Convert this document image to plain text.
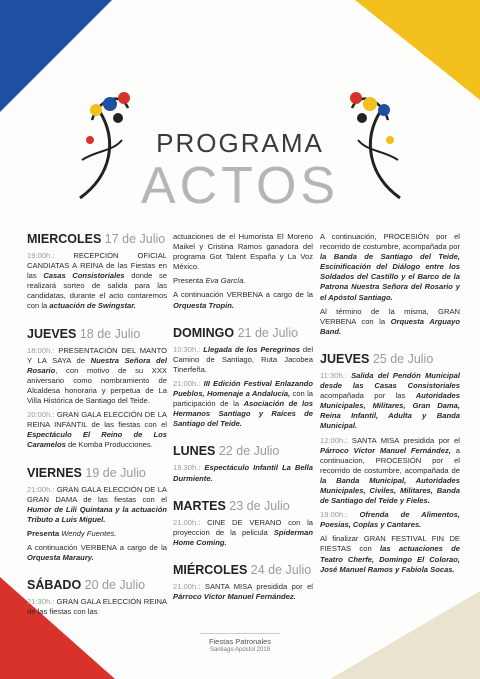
PROGRAMA
ACTOS
MIERCOLES 17 de Julio

19:00h.: RECEPCIÓN OFICIAL CANDIATAS A REINA de las Fiestas en las Casas Consistoriales donde se realizará sorteo de salida para las candidatas, durante el acto contaremos con la actuación de Swingstar.

JUEVES 18 de Julio

18:00h.: PRESENTACIÓN DEL MANTO Y LA SAYA de Nuestra Señora del Rosario, con motivo de su XXX aniversario como nombramiento de Alcaldesa honoraria y perpetua de La Villa Histórica de Santiago del Teide.

20:00h.: GRAN GALA ELECCIÓN DE LA REINA INFANTIL de las fiestas con el Espectáculo El Reino de Los Caramelos de Komba Producciones.

VIERNES 19 de Julio

21:00h.: GRAN GALA ELECCIÓN DE LA GRAN DAMA de las fiestas con el Humor de Lili Quintana y la actuación Tributo a Luis Miguel.

Presenta Wendy Fuentes.

A continuación VERBENA a cargo de la Orquesta Maraury.

SÁBADO 20 de Julio

21:30h.: GRAN GALA ELECCIÓN REINA de las fiestas con las

actuaciones de el Humorista El Moreno Maikel y Cristina Ramos ganadora del programa Got Talent España y La Voz México.

Presenta Eva García.

A continuación VERBENA a cargo de la Orquesta Tropin.

DOMINGO 21 de Julio

10:30h.: Llegada de los Peregrinos del Camino de Santiago, Ruta Jacobea Tinerfeña.

21:00h.: III Edición Festival Enlazando Pueblos, Homenaje a Andalucía, con la participación de la Asociación de los Hermanos Santiago y Raíces de Santiago del Teide.

LUNES 22 de Julio

19.30h.: Espectáculo Infantil La Bella Durmiente.

MARTES 23 de Julio

21.00h.: CINE DE VERANO con la proyeccion de la pelicula Spiderman Home Coming.

MIÉRCOLES 24 de Julio

21.00h.: SANTA MISA presidida por el Párroco Víctor Manuel Fernández.

A continuación, PROCESIÓN por el recorrido de costumbre, acompañada por la Banda de Santiago del Teide, Escinificación del Diálogo entre los Soldados del Castillo y el Barco de la Patrona Nuestra Señora del Rosario y el Apóstol Santiago.

Al término de la misma, GRAN VERBENA con la Orquesta Arguayo Band.

JUEVES 25 de Julio

11:30h.: Salida del Pendón Municipal desde las Casas Consistoriales acompañada por las Autoridades Municipales, Militares, Gran Dama, Reina Infantil, Adulta y Banda Municipal.

12:00h.: SANTA MISA presidida por el Párroco Víctor Manuel Fernández, a continuacion, PROCESIÓN por el recorrido de costumbre, acompañada de la Banda Municipal, Autoridades Municipales, Civiles, Militares, Banda de Santiago del Teide y Fieles.

19.00h.: Ofrenda de Alimentos, Poesias, Coplas y Cantares.

Al finalizar GRAN FESTIVAL FIN DE FIESTAS con las actuaciones de Teatro Cherfe, Domingo El Colorao, José Manuel Ramos y Fabiola Socas.

Fiestas Patronales
Santiago Apóstol 2019
